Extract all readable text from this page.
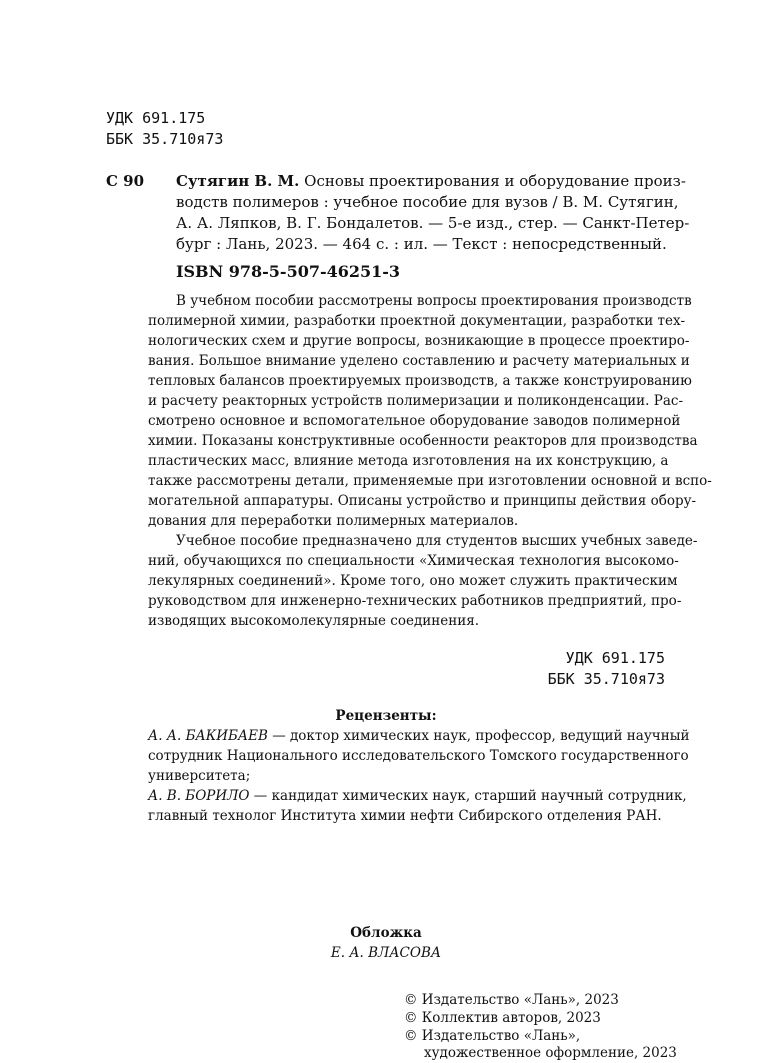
УДК 691.175
ББК 35.710я73
С 90 Сутягин В. М. Основы проектирования и оборудование произ-
водств полимеров : учебное пособие для вузов / В. М. Сутягин,
А. А. Ляпков, В. Г. Бондалетов. — 5-е изд., стер. — Санкт-Петер-
бург : Лань, 2023. — 464 с. : ил. — Текст : непосредственный.
ISBN 978-5-507-46251-3
В учебном пособии рассмотрены вопросы проектирования производств
полимерной химии, разработки проектной документации, разработки тех-
нологических схем и другие вопросы, возникающие в процессе проектиро-
вания. Большое внимание уделено составлению и расчету материальных и
тепловых балансов проектируемых производств, а также конструированию
и расчету реакторных устройств полимеризации и поликонденсации. Рас-
смотрено основное и вспомогательное оборудование заводов полимерной
химии. Показаны конструктивные особенности реакторов для производства
пластических масс, влияние метода изготовления на их конструкцию, а
также рассмотрены детали, применяемые при изготовлении основной и вспо-
могательной аппаратуры. Описаны устройство и принципы действия обору-
дования для переработки полимерных материалов.
Учебное пособие предназначено для студентов высших учебных заведе-
ний, обучающихся по специальности «Химическая технология высокомо-
лекулярных соединений». Кроме того, оно может служить практическим
руководством для инженерно-технических работников предприятий, про-
изводящих высокомолекулярные соединения.
УДК 691.175
ББК 35.710я73
Рецензенты:
А. А. БАКИБАЕВ — доктор химических наук, профессор, ведущий научный
сотрудник Национального исследовательского Томского государственного
университета;
А. В. БОРИЛО — кандидат химических наук, старший научный сотрудник,
главный технолог Института химии нефти Сибирского отделения РАН.
Обложка
Е. А. ВЛАСОВА
© Издательство «Лань», 2023
© Коллектив авторов, 2023
© Издательство «Лань»,
художественное оформление, 2023
